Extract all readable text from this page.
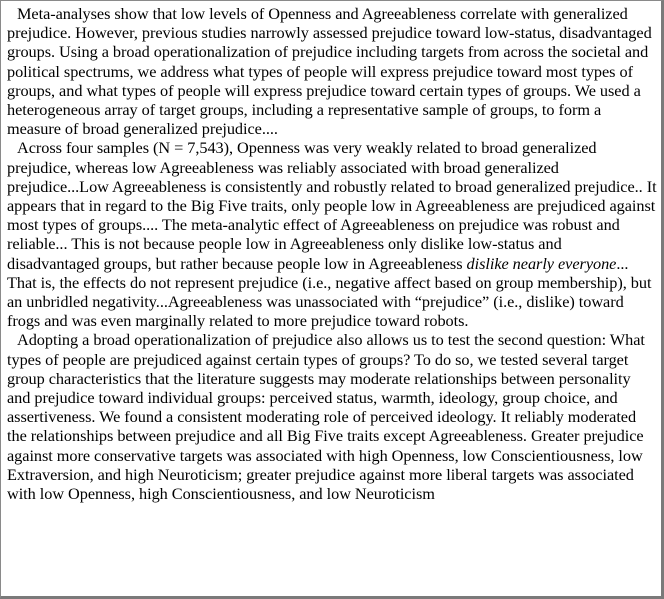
Meta-analyses show that low levels of Openness and Agreeableness correlate with generalized prejudice. However, previous studies narrowly assessed prejudice toward low-status, disadvantaged groups. Using a broad operationalization of prejudice including targets from across the societal and political spectrums, we address what types of people will express prejudice toward most types of groups, and what types of people will express prejudice toward certain types of groups. We used a heterogeneous array of target groups, including a representative sample of groups, to form a measure of broad generalized prejudice....

Across four samples (N = 7,543), Openness was very weakly related to broad generalized prejudice, whereas low Agreeableness was reliably associated with broad generalized prejudice...Low Agreeableness is consistently and robustly related to broad generalized prejudice.. It appears that in regard to the Big Five traits, only people low in Agreeableness are prejudiced against most types of groups.... The meta-analytic effect of Agreeableness on prejudice was robust and reliable... This is not because people low in Agreeableness only dislike low-status and disadvantaged groups, but rather because people low in Agreeableness dislike nearly everyone... That is, the effects do not represent prejudice (i.e., negative affect based on group membership), but an unbridled negativity...Agreeableness was unassociated with “prejudice” (i.e., dislike) toward frogs and was even marginally related to more prejudice toward robots.

Adopting a broad operationalization of prejudice also allows us to test the second question: What types of people are prejudiced against certain types of groups? To do so, we tested several target group characteristics that the literature suggests may moderate relationships between personality and prejudice toward individual groups: perceived status, warmth, ideology, group choice, and assertiveness. We found a consistent moderating role of perceived ideology. It reliably moderated the relationships between prejudice and all Big Five traits except Agreeableness. Greater prejudice against more conservative targets was associated with high Openness, low Conscientiousness, low Extraversion, and high Neuroticism; greater prejudice against more liberal targets was associated with low Openness, high Conscientiousness, and low Neuroticism
